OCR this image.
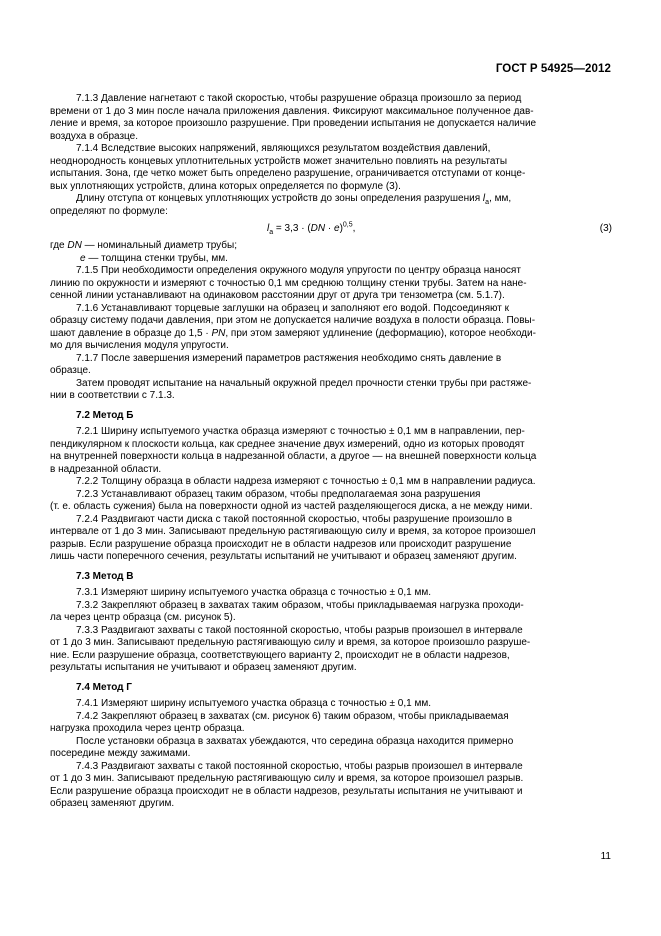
ГОСТ Р 54925—2012

7.1.3 Давление нагнетают с такой скоростью, чтобы разрушение образца произошло за период
времени от 1 до 3 мин после начала приложения давления. Фиксируют максимальное полученное дав-
ление и время, за которое произошло разрушение. При проведении испытания не допускается наличие
воздуха в образце.

7.1.4 Вследствие высоких напряжений, являющихся результатом воздействия давлений,
неоднородность концевых уплотнительных устройств может значительно повлиять на результаты
испытания. Зона, где четко может быть определено разрушение, ограничивается отступами от конце-
вых уплотняющих устройств, длина которых определяется по формуле (3).

Длину отступа от концевых уплотняющих устройств до зоны определения разрушения $l_a$, мм,
определяют по формуле:

$l_a = 3,3 \cdot (DN \cdot e)^{0,5}$,	(3)

где DN — номинальный диаметр трубы;

e — толщина стенки трубы, мм.

7.1.5 При необходимости определения окружного модуля упругости по центру образца наносят
линию по окружности и измеряют с точностью 0,1 мм среднюю толщину стенки трубы. Затем на нане-
сенной линии устанавливают на одинаковом расстоянии друг от друга три тензометра (см. 5.1.7).

7.1.6 Устанавливают торцевые заглушки на образец и заполняют его водой. Подсоединяют к
образцу систему подачи давления, при этом не допускается наличие воздуха в полости образца. Повы-
шают давление в образце до 1,5 · PN, при этом замеряют удлинение (деформацию), которое необходи-
мо для вычисления модуля упругости.

7.1.7 После завершения измерений параметров растяжения необходимо снять давление в
образце.

Затем проводят испытание на начальный окружной предел прочности стенки трубы при растяже-
нии в соответствии с 7.1.3.

7.2 Метод Б

7.2.1 Ширину испытуемого участка образца измеряют с точностью ± 0,1 мм в направлении, пер-
пендикулярном к плоскости кольца, как среднее значение двух измерений, одно из которых проводят
на внутренней поверхности кольца в надрезанной области, а другое — на внешней поверхности кольца
в надрезанной области.

7.2.2 Толщину образца в области надреза измеряют с точностью ± 0,1 мм в направлении радиуса.

7.2.3 Устанавливают образец таким образом, чтобы предполагаемая зона разрушения
(т. е. область сужения) была на поверхности одной из частей разделяющегося диска, а не между ними.

7.2.4 Раздвигают части диска с такой постоянной скоростью, чтобы разрушение произошло в
интервале от 1 до 3 мин. Записывают предельную растягивающую силу и время, за которое произошел
разрыв. Если разрушение образца происходит не в области надрезов или происходит разрушение
лишь части поперечного сечения, результаты испытаний не учитывают и образец заменяют другим.

7.3 Метод В

7.3.1 Измеряют ширину испытуемого участка образца с точностью ± 0,1 мм.

7.3.2 Закрепляют образец в захватах таким образом, чтобы прикладываемая нагрузка проходи-
ла через центр образца (см. рисунок 5).

7.3.3 Раздвигают захваты с такой постоянной скоростью, чтобы разрыв произошел в интервале
от 1 до 3 мин. Записывают предельную растягивающую силу и время, за которое произошло разруше-
ние. Если разрушение образца, соответствующего варианту 2, происходит не в области надрезов,
результаты испытания не учитывают и образец заменяют другим.

7.4 Метод Г

7.4.1 Измеряют ширину испытуемого участка образца с точностью ± 0,1 мм.

7.4.2 Закрепляют образец в захватах (см. рисунок 6) таким образом, чтобы прикладываемая
нагрузка проходила через центр образца.

После установки образца в захватах убеждаются, что середина образца находится примерно
посередине между зажимами.

7.4.3 Раздвигают захваты с такой постоянной скоростью, чтобы разрыв произошел в интервале
от 1 до 3 мин. Записывают предельную растягивающую силу и время, за которое произошел разрыв.
Если разрушение образца происходит не в области надрезов, результаты испытания не учитывают и
образец заменяют другим.

11
